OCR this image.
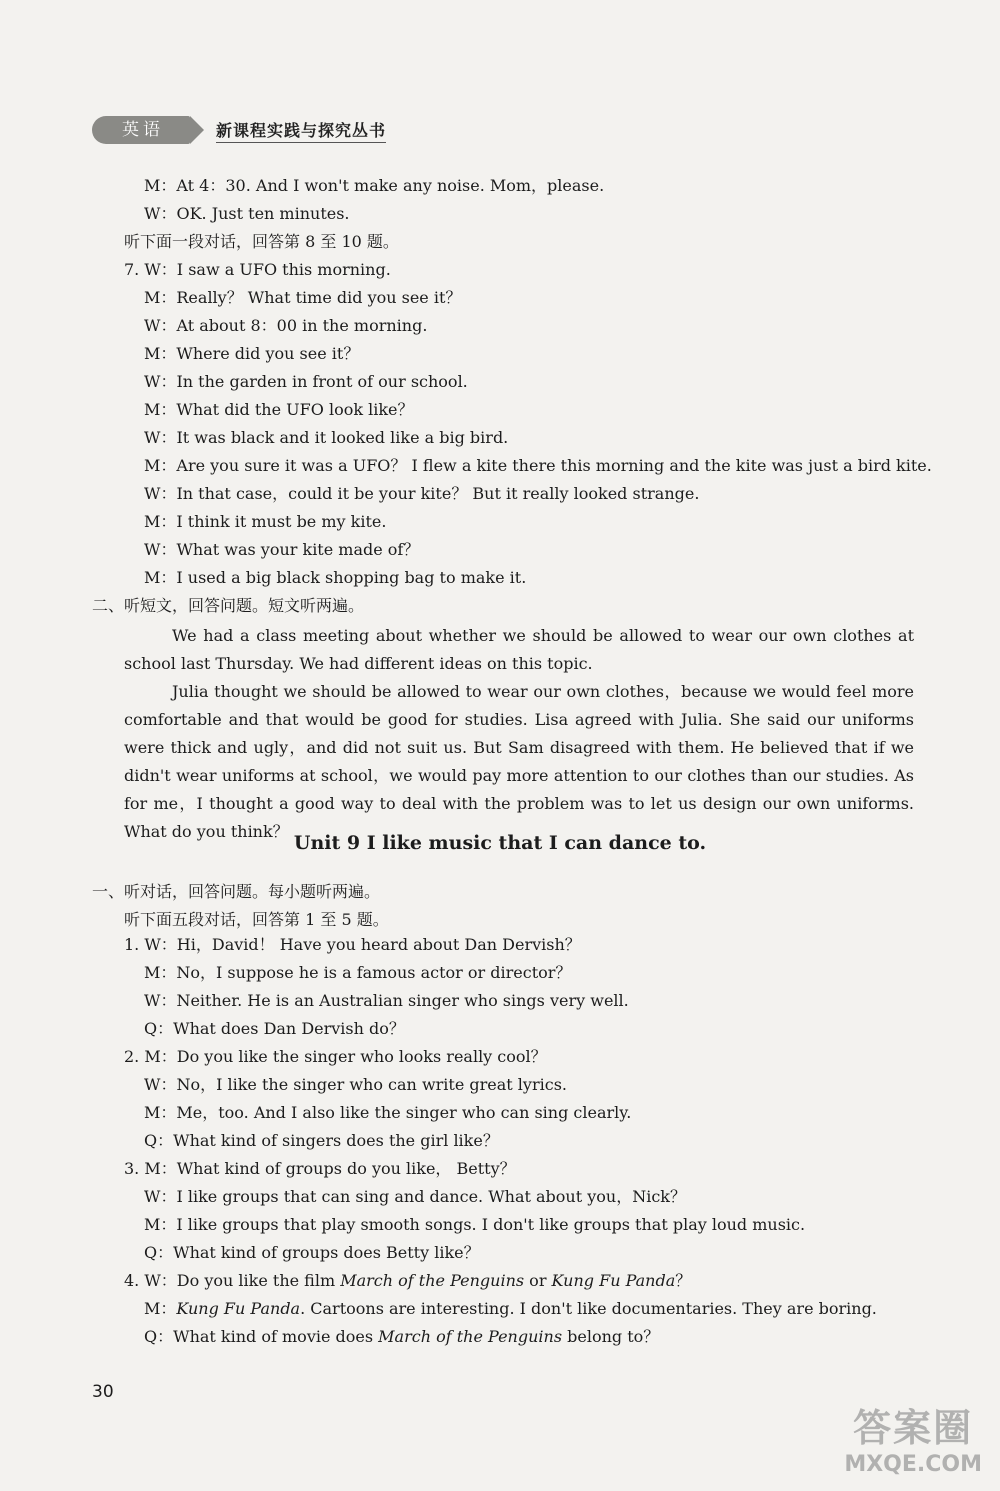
英语	新课程实践与探究丛书
M：At 4：30. And I won't make any noise. Mom，please.
W：OK. Just ten minutes.
听下面一段对话，回答第 8 至 10 题。
7. W：I saw a UFO this morning.
M：Really？ What time did you see it？
W：At about 8：00 in the morning.
M：Where did you see it？
W：In the garden in front of our school.
M：What did the UFO look like？
W：It was black and it looked like a big bird.
M：Are you sure it was a UFO？ I flew a kite there this morning and the kite was just a bird kite.
W：In that case，could it be your kite？ But it really looked strange.
M：I think it must be my kite.
W：What was your kite made of？
M：I used a big black shopping bag to make it.
二、听短文，回答问题。短文听两遍。
We had a class meeting about whether we should be allowed to wear our own clothes at school last Thursday. We had different ideas on this topic.
Julia thought we should be allowed to wear our own clothes，because we would feel more comfortable and that would be good for studies. Lisa agreed with Julia. She said our uniforms were thick and ugly，and did not suit us. But Sam disagreed with them. He believed that if we didn't wear uniforms at school，we would pay more attention to our clothes than our studies. As for me，I thought a good way to deal with the problem was to let us design our own uniforms. What do you think？
Unit 9 I like music that I can dance to.
一、听对话，回答问题。每小题听两遍。
听下面五段对话，回答第 1 至 5 题。
1. W：Hi，David！ Have you heard about Dan Dervish？
M：No，I suppose he is a famous actor or director？
W：Neither. He is an Australian singer who sings very well.
Q：What does Dan Dervish do？
2. M：Do you like the singer who looks really cool？
W：No，I like the singer who can write great lyrics.
M：Me，too. And I also like the singer who can sing clearly.
Q：What kind of singers does the girl like？
3. M：What kind of groups do you like， Betty？
W：I like groups that can sing and dance. What about you，Nick？
M：I like groups that play smooth songs. I don't like groups that play loud music.
Q：What kind of groups does Betty like？
4. W：Do you like the film March of the Penguins or Kung Fu Panda？
M：Kung Fu Panda. Cartoons are interesting. I don't like documentaries. They are boring.
Q：What kind of movie does March of the Penguins belong to？
30
答案圈
MXQE.COM
